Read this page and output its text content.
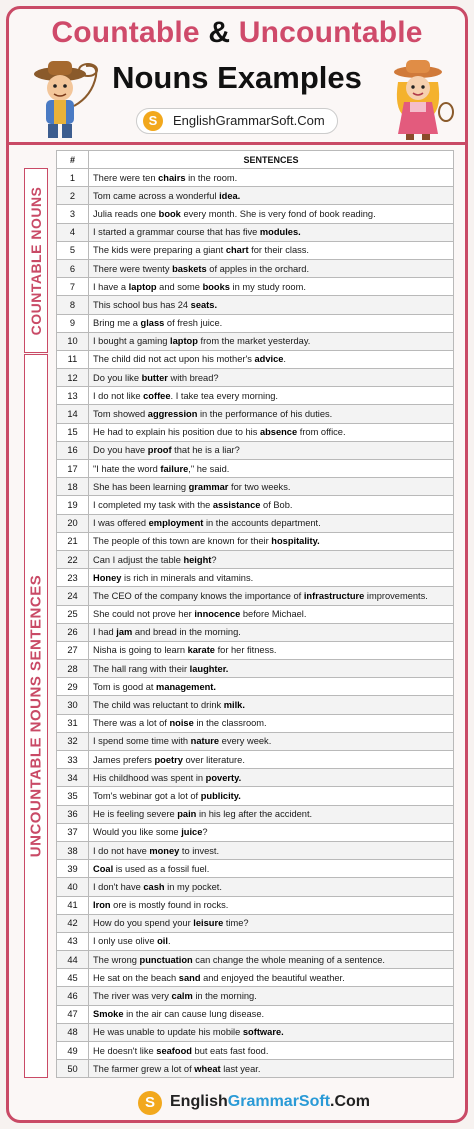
Countable & Uncountable
Nouns Examples
S	EnglishGrammarSoft.Com
COUNTABLE NOUNS
UNCOUNTABLE NOUNS SENTENCES
#	SENTENCES
1	There were ten chairs in the room.
2	Tom came across a wonderful idea.
3	Julia reads one book every month. She is very fond of book reading.
4	I started a grammar course that has five modules.
5	The kids were preparing a giant chart for their class.
6	There were twenty baskets of apples in the orchard.
7	I have a laptop and some books in my study room.
8	This school bus has 24 seats.
9	Bring me a glass of fresh juice.
10	I bought a gaming laptop from the market yesterday.
11	The child did not act upon his mother's advice.
12	Do you like butter with bread?
13	I do not like coffee. I take tea every morning.
14	Tom showed aggression in the performance of his duties.
15	He had to explain his position due to his absence from office.
16	Do you have proof that he is a liar?
17	"I hate the word failure," he said.
18	She has been learning grammar for two weeks.
19	I completed my task with the assistance of Bob.
20	I was offered employment in the accounts department.
21	The people of this town are known for their hospitality.
22	Can I adjust the table height?
23	Honey is rich in minerals and vitamins.
24	The CEO of the company knows the importance of infrastructure improvements.
25	She could not prove her innocence before Michael.
26	I had jam and bread in the morning.
27	Nisha is going to learn karate for her fitness.
28	The hall rang with their laughter.
29	Tom is good at management.
30	The child was reluctant to drink milk.
31	There was a lot of noise in the classroom.
32	I spend some time with nature every week.
33	James prefers poetry over literature.
34	His childhood was spent in poverty.
35	Tom's webinar got a lot of publicity.
36	He is feeling severe pain in his leg after the accident.
37	Would you like some juice?
38	I do not have money to invest.
39	Coal is used as a fossil fuel.
40	I don't have cash in my pocket.
41	Iron ore is mostly found in rocks.
42	How do you spend your leisure time?
43	I only use olive oil.
44	The wrong punctuation can change the whole meaning of a sentence.
45	He sat on the beach sand and enjoyed the beautiful weather.
46	The river was very calm in the morning.
47	Smoke in the air can cause lung disease.
48	He was unable to update his mobile software.
49	He doesn't like seafood but eats fast food.
50	The farmer grew a lot of wheat last year.
S EnglishGrammarSoft.Com
